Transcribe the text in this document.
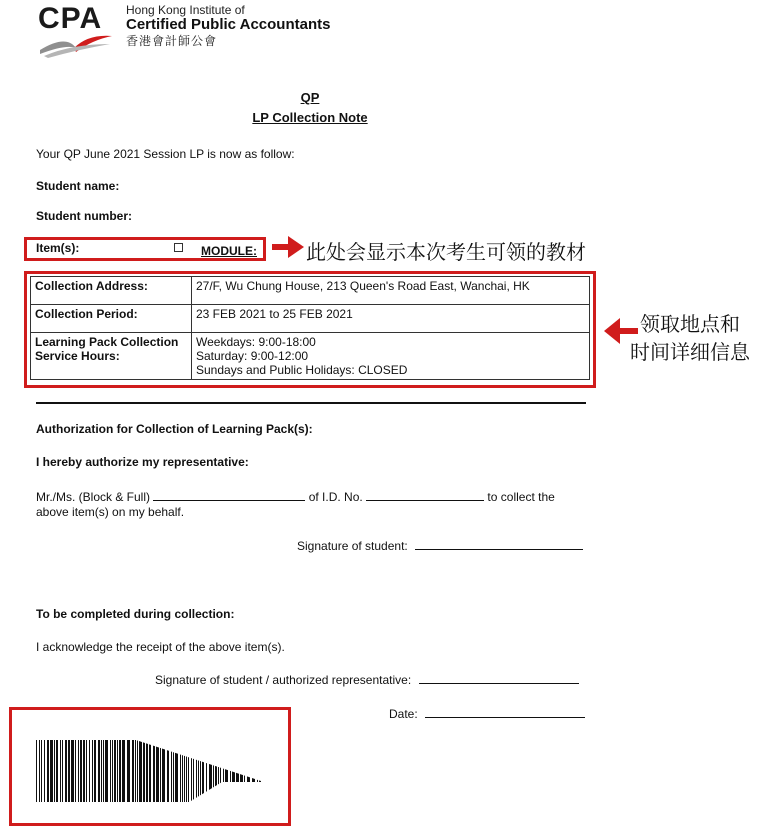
CPA Hong Kong Institute of
Certified Public Accountants
香港會計師公會
QP
LP Collection Note
Your QP June 2021 Session LP is now as follow:
Student name:
Student number:
Item(s):	MODULE: 此处会显示本次考生可领的教材
Collection Address:	27/F, Wu Chung House, 213 Queen's Road East, Wanchai, HK
Collection Period:	23 FEB 2021 to 25 FEB 2021
Learning Pack Collection Service Hours:	Weekdays: 9:00-18:00
Saturday: 9:00-12:00
Sundays and Public Holidays: CLOSED
领取地点和
时间详细信息
Authorization for Collection of Learning Pack(s):
I hereby authorize my representative:
Mr./Ms. (Block & Full)	of I.D. No.	to collect the
above item(s) on my behalf.
Signature of student:
To be completed during collection:
I acknowledge the receipt of the above item(s).
Signature of student / authorized representative:
Date:
